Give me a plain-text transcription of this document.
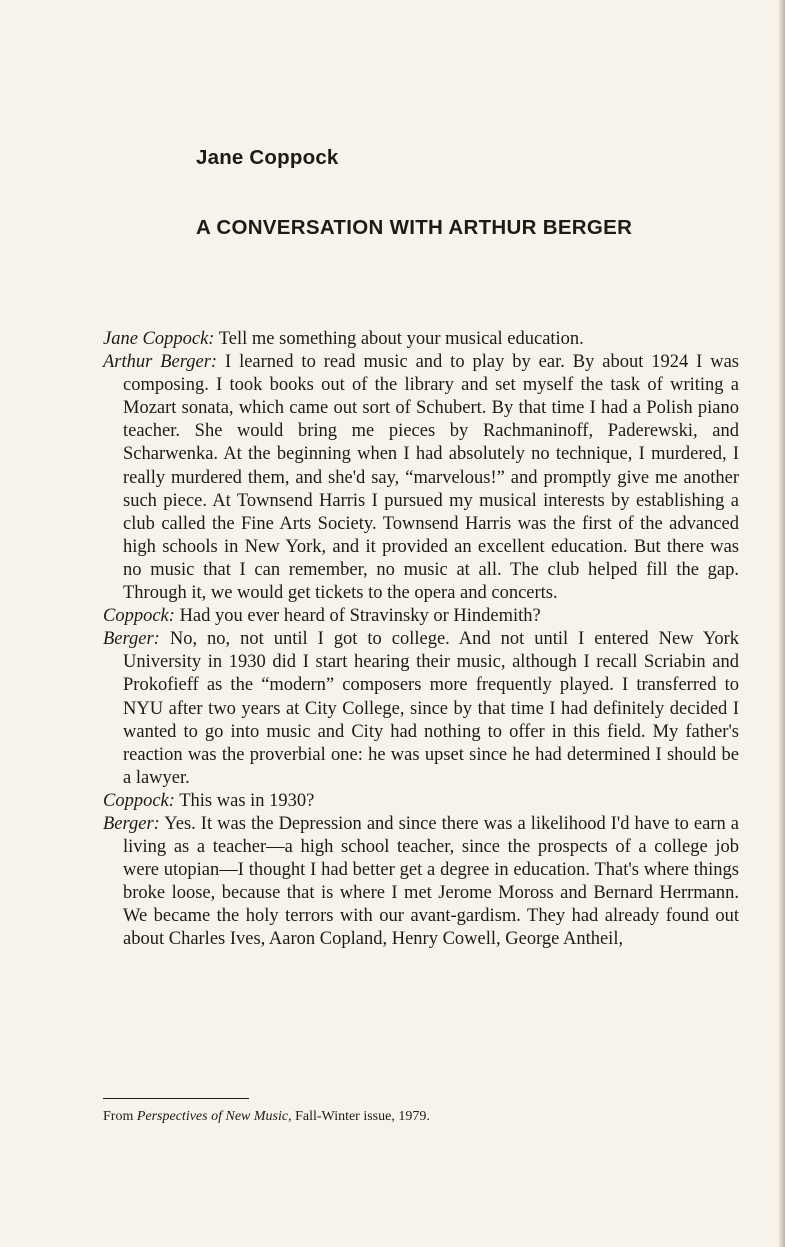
Jane Coppock
A CONVERSATION WITH ARTHUR BERGER

Jane Coppock: Tell me something about your musical education.

Arthur Berger: I learned to read music and to play by ear. By about 1924 I was composing. I took books out of the library and set myself the task of writing a Mozart sonata, which came out sort of Schubert. By that time I had a Polish piano teacher. She would bring me pieces by Rachmaninoff, Paderewski, and Scharwenka. At the beginning when I had absolutely no technique, I murdered, I really murdered them, and she'd say, “marvelous!” and promptly give me another such piece. At Townsend Harris I pursued my musical interests by establishing a club called the Fine Arts Society. Townsend Harris was the first of the advanced high schools in New York, and it provided an excellent education. But there was no music that I can remember, no music at all. The club helped fill the gap. Through it, we would get tickets to the opera and concerts.

Coppock: Had you ever heard of Stravinsky or Hindemith?

Berger: No, no, not until I got to college. And not until I entered New York University in 1930 did I start hearing their music, although I recall Scriabin and Prokofieff as the “modern” composers more frequently played. I transferred to NYU after two years at City College, since by that time I had definitely decided I wanted to go into music and City had nothing to offer in this field. My father's reaction was the proverbial one: he was upset since he had determined I should be a lawyer.

Coppock: This was in 1930?

Berger: Yes. It was the Depression and since there was a likelihood I'd have to earn a living as a teacher—a high school teacher, since the prospects of a college job were utopian—I thought I had better get a degree in education. That's where things broke loose, because that is where I met Jerome Moross and Bernard Herrmann. We became the holy terrors with our avant-gardism. They had already found out about Charles Ives, Aaron Copland, Henry Cowell, George Antheil,

From Perspectives of New Music, Fall-Winter issue, 1979.
